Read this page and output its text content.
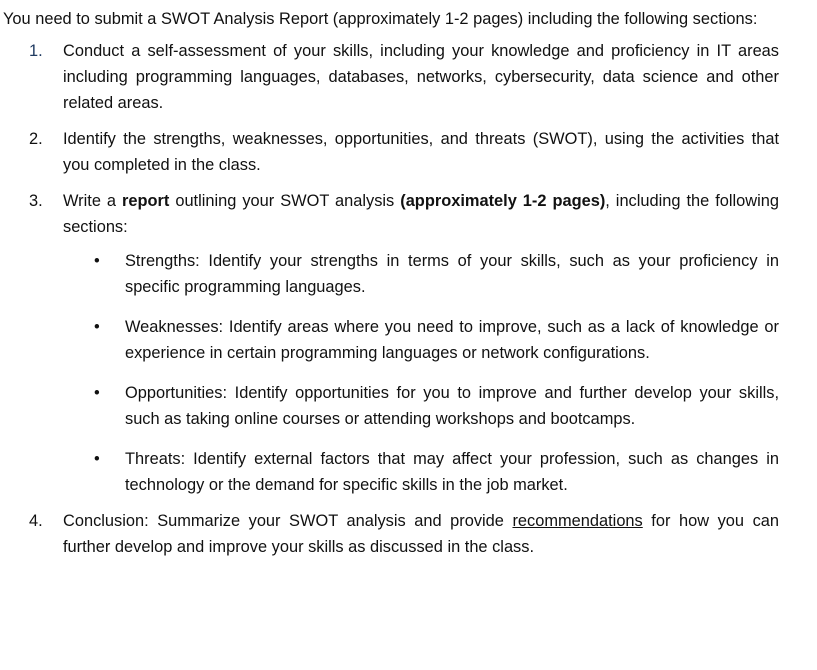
You need to submit a SWOT Analysis Report (approximately 1-2 pages) including the following sections:

1.	Conduct a self-assessment of your skills, including your knowledge and proficiency in IT areas including programming languages, databases, networks, cybersecurity, data science and other related areas.
2.	Identify the strengths, weaknesses, opportunities, and threats (SWOT), using the activities that you completed in the class.
3.	Write a report outlining your SWOT analysis (approximately 1-2 pages), including the following sections:
• Strengths: Identify your strengths in terms of your skills, such as your proficiency in specific programming languages.
• Weaknesses: Identify areas where you need to improve, such as a lack of knowledge or experience in certain programming languages or network configurations.
• Opportunities: Identify opportunities for you to improve and further develop your skills, such as taking online courses or attending workshops and bootcamps.
• Threats: Identify external factors that may affect your profession, such as changes in technology or the demand for specific skills in the job market.
4.	Conclusion: Summarize your SWOT analysis and provide recommendations for how you can further develop and improve your skills as discussed in the class.
